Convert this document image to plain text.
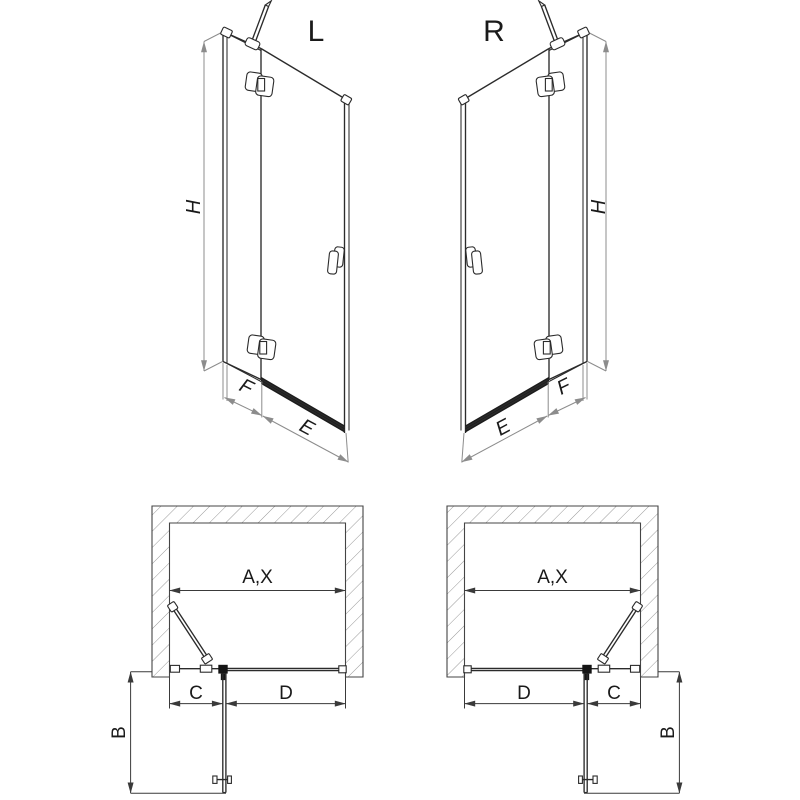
L	R
H	H
F
E	E
F
A,X
C	D
B
A,X
D	C
B
